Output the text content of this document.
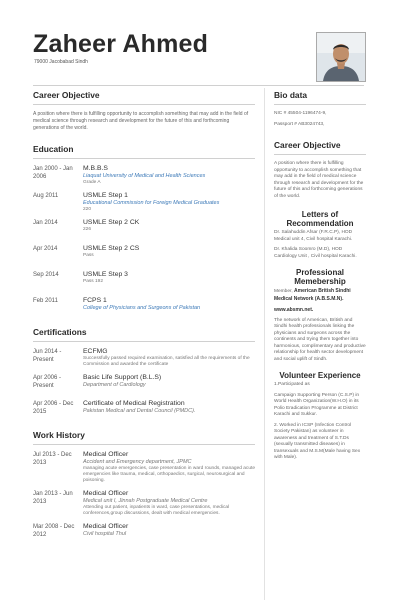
Zaheer Ahmed
79000 Jacobabad Sindh
Career Objective
A position where there is fulfilling opportunity to accomplish something that may add in the field of medical science through research and development for the future of this and forthcoming generations of the world.
Education
Jan 2000 - Jan 2006
M.B.B.S
Liaquat University of Medical and Health Sciences
Grade A
Aug 2011	USMLE Step 1
Educational Commission for Foreign Medical Graduates
220
Jan 2014	USMLE Step 2 CK
226
Apr 2014	USMLE Step 2 CS
Pass
Sep 2014	USMLE Step 3
Pass 192
Feb 2011	FCPS 1
College of Physicians and Surgeons of Pakistan
Certifications
Jun 2014 - Present
ECFMG
Successfully passed required examination, satisfied all the requirements of the Commission and awarded the certificate
Apr 2006 - Present
Basic Life Support (B.L.S)
Department of Cardiology
Apr 2006 - Dec 2015
Certificate of Medical Registration
Pakistan Medical and Dental Council (PMDC).
Work History
Jul 2013 - Dec 2013
Medical Officer
Accident and Emergency department, JPMC
managing acute emergencies, case presentation in ward rounds, managed acute emergencies like trauma, medical, orthopaedics, surgical, neurosurgical and poisoning.
Jan 2013 - Jun 2013
Medical Officer
Medical unit I, Jinnah Postgraduate Medical Centre
Attending out patient, inpatients in ward, case presentations, medical conferences,group discussions, dealt with medical emergencies.
Mar 2008 - Dec 2012
Medical Officer
Civil hospital Thul
Bio data
NIC # 45504-1196474-9,
Passport # AB3024743,
Career Objective
A position where there is fulfilling opportunity to accomplish something that may add in the field of medical science through research and development for the future of this and forthcoming generations of the world.
Letters of Recommendation
Dr. Salahuddin Afsar (F.R.C.P), HOD Medical unit 4, Civil hospital Karachi.
Dr. Khalida Soomro (M.D), HOD Cardiology Unit , Civil hospital Karachi.
Professional Memebership
Member, American British Sindhi Medical Network (A.B.S.M.N).
www.absmn.net.
The network of American, British and Sindhi health professionals linking the physicians and surgeons across the continents and trying them together into harmonious, complimentary and productive relationship for health sector development and social uplift of Sindh.
Volunteer Experience
1.Participated as
Campaign Supporting Person (C.S.P) in World Health Organization(W.H.O) in its Polio Eradication Programme at District Karachi and Sukkur.
2. Worked in ICSP (Infection Control Society Pakistan) as volunteer in awareness and treatment of S.T.Ds (sexually transmitted diseases) in transexuals and M.S.M(Male having Sex with Male).
